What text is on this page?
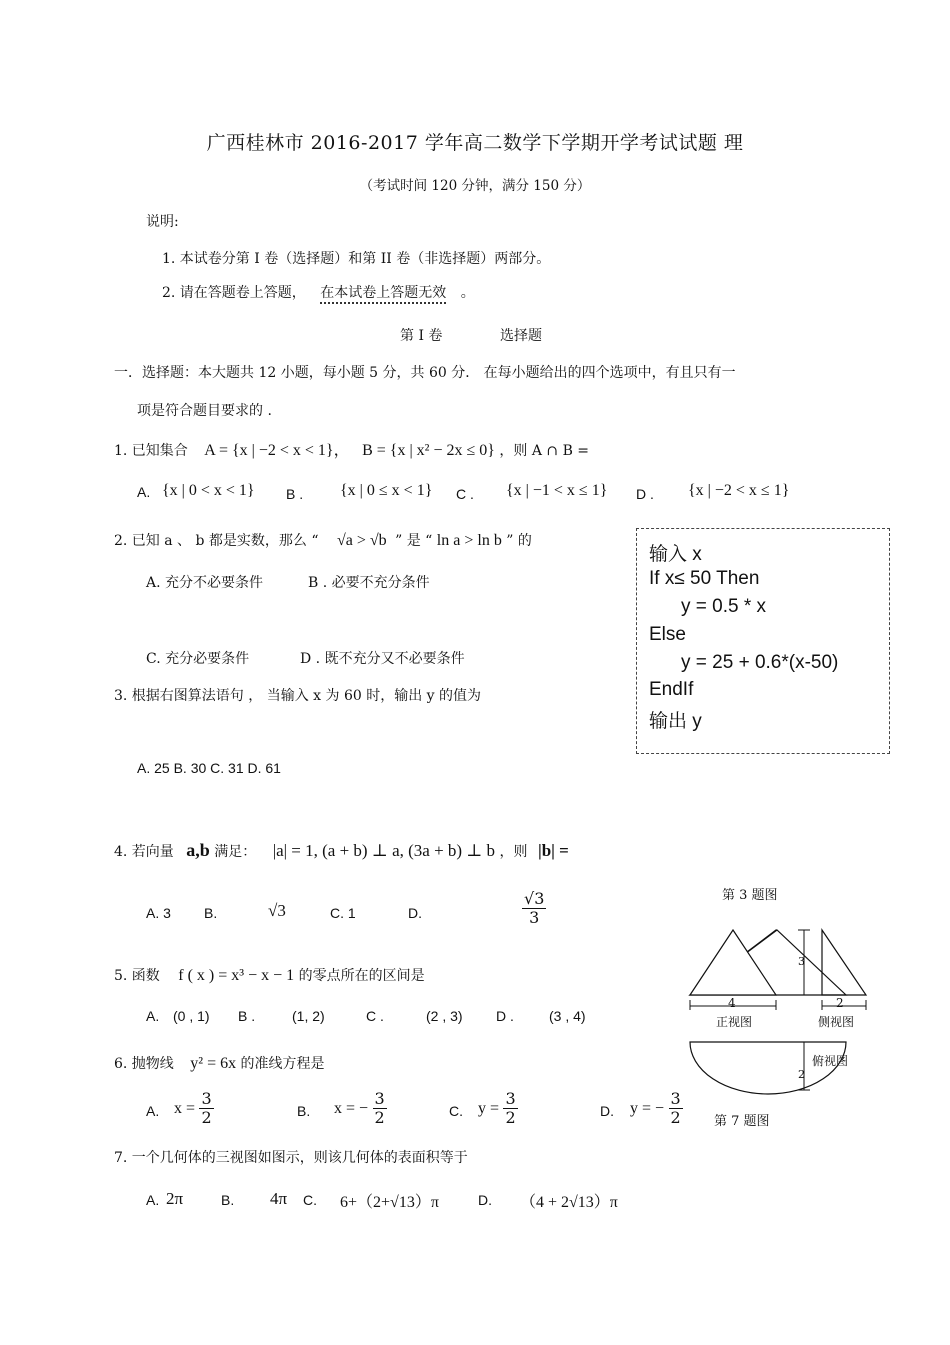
广西桂林市 2016-2017 学年高二数学下学期开学考试试题 理
（考试时间 120 分钟，满分 150 分）
说明:
1. 本试卷分第 I 卷（选择题）和第 II 卷（非选择题）两部分。
2. 请在答题卷上答题， 在本试卷上答题无效 。
第 I 卷	选择题
一．选择题：本大题共 12 小题，每小题 5 分，共 60 分． 在每小题给出的四个选项中，有且只有一
项是符合题目要求的 .
1. 已知集合 A = {x | −2 < x < 1}， B = {x | x² − 2x ≤ 0} ，则 A ∩ B =
A. {x | 0 < x < 1} B . {x | 0 ≤ x < 1} C . {x | −1 < x ≤ 1} D . {x | −2 < x ≤ 1}
2. 已知 a 、 b 都是实数，那么 “ √a > √b ” 是 “ ln a > ln b ” 的
A. 充分不必要条件	B . 必要不充分条件
C. 充分必要条件	D . 既不充分又不必要条件
输入 x
If x≤ 50 Then
y = 0.5 * x
Else
y = 25 + 0.6*(x-50)
EndIf
输出 y
3. 根据右图算法语句 ， 当输入 x 为 60 时，输出 y 的值为
A. 25 B. 30 C. 31 D. 61
4. 若向量 a,b 满足： |a| = 1, (a + b) ⊥ a, (3a + b) ⊥ b ，则 |b| =
A. 3 B.	√3	C. 1	D.	$\frac{√3}{3}$	第 3 题图
4
正视图
3
2
侧视图
2
俯视图
第 7 题图
5. 函数 f ( x ) = x³ − x − 1 的零点所在的区间是
A. (0 , 1) B .	(1, 2)	C .	(2 , 3) D .	(3 , 4)
6. 抛物线 y² = 6x 的准线方程是
A. $x = \frac{3}{2}$	B. x = − $\frac{3}{2}$	C. $y = \frac{3}{2}$	D. y = − $\frac{3}{2}$
7. 一个几何体的三视图如图示，则该几何体的表面积等于
A. 2π	B. 4π C. 6+（2+√13）π	D. （4 + 2√13）π
